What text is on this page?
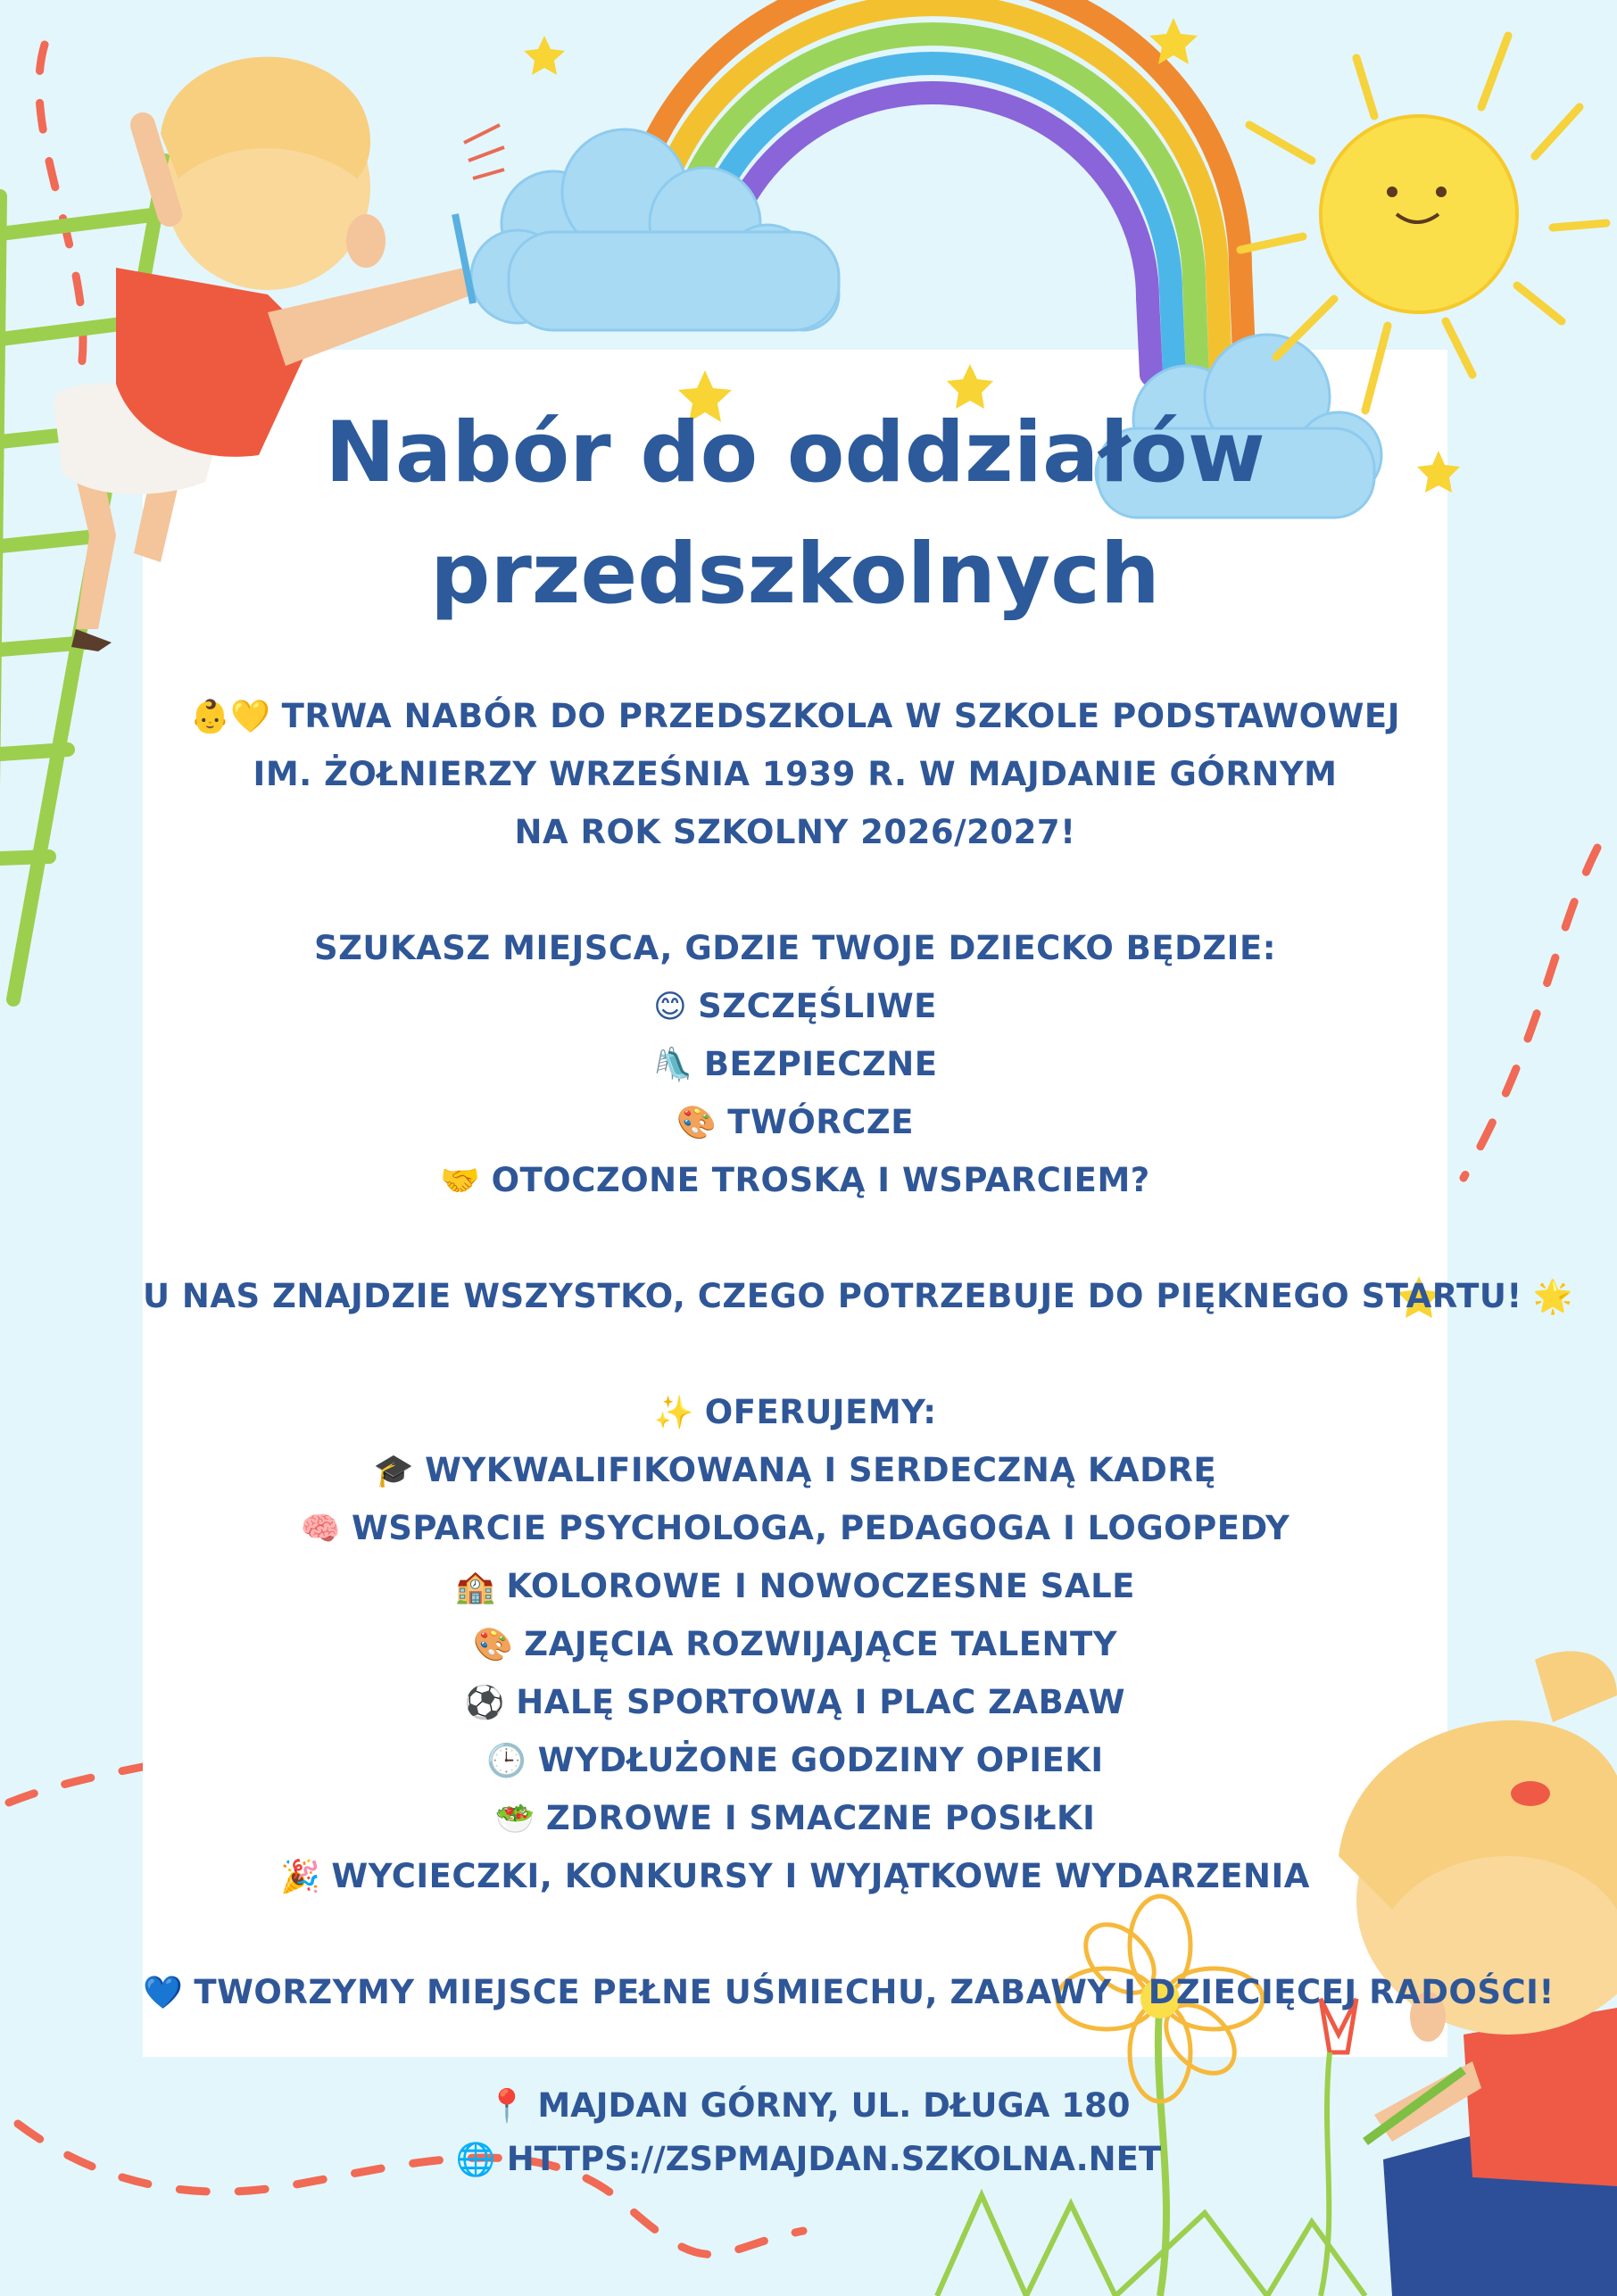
Nabór do oddziałów
przedszkolnych
👶💛 TRWA NABÓR DO PRZEDSZKOLA W SZKOLE PODSTAWOWEJ
IM. ŻOŁNIERZY WRZEŚNIA 1939 R. W MAJDANIE GÓRNYM
NA ROK SZKOLNY 2026/2027!
SZUKASZ MIEJSCA, GDZIE TWOJE DZIECKO BĘDZIE:
😊 SZCZĘŚLIWE
🛝 BEZPIECZNE
🎨 TWÓRCZE
🤝 OTOCZONE TROSKĄ I WSPARCIEM?
U NAS ZNAJDZIE WSZYSTKO, CZEGO POTRZEBUJE DO PIĘKNEGO STARTU! 🌟
✨ OFERUJEMY:
🎓 WYKWALIFIKOWANĄ I SERDECZNĄ KADRĘ
🧠 WSPARCIE PSYCHOLOGA, PEDAGOGA I LOGOPEDY
🏫 KOLOROWE I NOWOCZESNE SALE
🎨 ZAJĘCIA ROZWIJAJĄCE TALENTY
⚽ HALĘ SPORTOWĄ I PLAC ZABAW
🕒 WYDŁUŻONE GODZINY OPIEKI
🥗 ZDROWE I SMACZNE POSIŁKI
🎉 WYCIECZKI, KONKURSY I WYJĄTKOWE WYDARZENIA
💙 TWORZYMY MIEJSCE PEŁNE UŚMIECHU, ZABAWY I DZIECIĘCEJ RADOŚCI!
📍 MAJDAN GÓRNY, UL. DŁUGA 180
🌐 HTTPS://ZSPMAJDAN.SZKOLNA.NET
